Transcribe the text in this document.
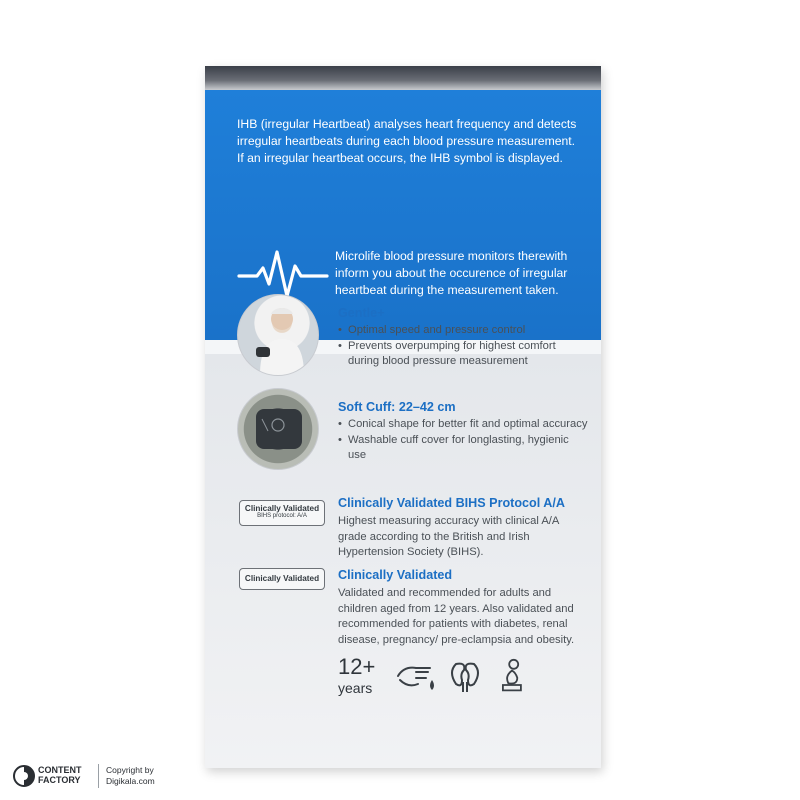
IHB (irregular Heartbeat) analyses heart frequency and detects irregular heartbeats during each blood pressure measurement. If an irregular heartbeat occurs, the IHB symbol is displayed.
Microlife blood pressure monitors therewith inform you about the occurence of irregular heartbeat during the measurement taken.
Gentle+
• Optimal speed and pressure control
• Prevents overpumping for highest comfort during blood pressure measurement
Soft Cuff: 22–42 cm
• Conical shape for better fit and optimal accuracy
• Washable cuff cover for longlasting, hygienic use
Clinically Validated
BIHS protocol: A/A
Clinically Validated BIHS Protocol A/A
Highest measuring accuracy with clinical A/A grade according to the British and Irish Hypertension Society (BIHS).
Clinically Validated	Clinically Validated
Validated and recommended for adults and children aged from 12 years. Also validated and recommended for patients with diabetes, renal disease, pregnancy/ pre-eclampsia and obesity.
12+
years
CONTENT
FACTORY
Copyright by
Digikala.com
